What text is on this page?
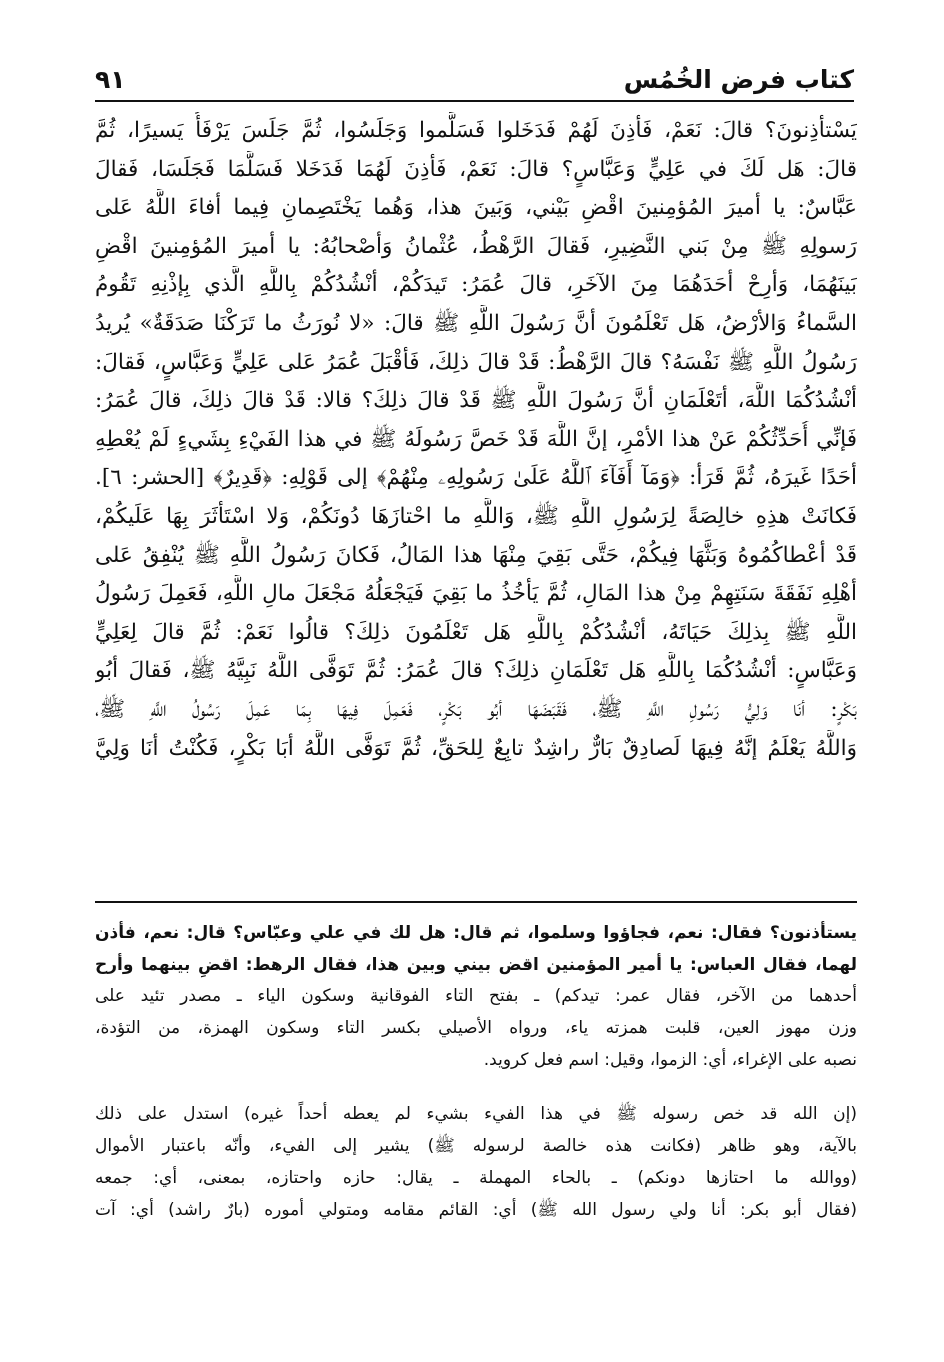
كتاب فرض الخُمُس
٩١
يَسْتأذِنونَ؟ قالَ: نَعَمْ، فَأذِنَ لَهُمْ فَدَخَلوا فَسَلَّموا وَجَلَسُوا، ثُمَّ جَلَسَ يَرْفَأُ يَسيرًا، ثُمَّ
قالَ: هَل لَكَ في عَلِيٍّ وَعَبَّاسٍ؟ قالَ: نَعَمْ، فَأذِنَ لَهُمَا فَدَخَلا فَسَلَّمَا فَجَلَسَا، فَقالَ
عَبَّاسٌ: يا أميرَ المُؤمِنينَ اقْضِ بَيْني، وَبَينَ هذا، وَهُما يَخْتَصِمانِ فِيما أفاءَ اللَّهُ عَلى
رَسولِهِ ﷺ مِنْ بَني النَّضِيرِ، فَقالَ الرَّهْطُ، عُثْمانُ وَأصْحابُهُ: يا أميرَ المُؤمِنينَ اقْضِ
بَينَهُمَا، وَأرِحْ أحَدَهُمَا مِنَ الآخَرِ، قالَ عُمَرُ: تَيدَكُمْ، أنْشُدُكُمْ بِاللَّهِ الَّذي بِإذْنِهِ تَقُومُ
السَّماءُ وَالأرْضُ، هَل تَعْلَمُونَ أنَّ رَسُولَ اللَّهِ ﷺ قالَ: «لا نُورَثُ ما تَرَكْنَا صَدَقَةٌ» يُريدُ
رَسُولُ اللَّهِ ﷺ نَفْسَهُ؟ قالَ الرَّهْطُ: قَدْ قالَ ذلِكَ، فَأقْبَلَ عُمَرُ عَلى عَلِيٍّ وَعَبَّاسٍ، فَقالَ:
أنْشُدُكُمَا اللَّهَ، أتَعْلَمَانِ أنَّ رَسُولَ اللَّهِ ﷺ قَدْ قالَ ذلِكَ؟ قالا: قَدْ قالَ ذلِكَ، قالَ عُمَرُ:
فَإنِّي أُحَدِّثُكُمْ عَنْ هذا الأمْرِ، إنَّ اللَّهَ قَدْ خَصَّ رَسُولَهُ ﷺ في هذا الفَيْءِ بِشَيءٍ لَمْ يُعْطِهِ
أحَدًا غَيرَهُ، ثُمَّ قَرَأ: ﴿وَمَآ أَفَآءَ ٱللَّهُ عَلَىٰ رَسُولِهِۦ مِنْهُمْ﴾ إلى قَوْلِهِ: ﴿قَدِيرٌ﴾ [الحشر: ٦].
فَكانَتْ هذِهِ خالِصَةً لِرَسُولِ اللَّهِ ﷺ، وَاللَّهِ ما احْتازَهَا دُونَكُمْ، وَلا اسْتَأثَرَ بِهَا عَلَيكُمْ،
قَدْ أعْطاكُمُوهُ وَبَثَّهَا فِيكُمْ، حَتَّى بَقِيَ مِنْهَا هذا المَالُ، فَكانَ رَسُولُ اللَّهِ ﷺ يُنْفِقُ عَلى
أهْلِهِ نَفَقَةَ سَنَتِهِمْ مِنْ هذا المَالِ، ثُمَّ يَأخُذُ ما بَقِيَ فَيَجْعَلُهُ مَجْعَلَ مالِ اللَّهِ، فَعَمِلَ رَسُولُ
اللَّهِ ﷺ بِذلِكَ حَيَاتَهُ، أنْشُدُكُمْ بِاللَّهِ هَل تَعْلَمُونَ ذلِكَ؟ قالُوا نَعَمْ: ثُمَّ قالَ لِعَلِيٍّ
وَعَبَّاسٍ: أنْشُدُكُمَا بِاللَّهِ هَل تَعْلَمَانِ ذلِكَ؟ قالَ عُمَرُ: ثُمَّ تَوَفَّى اللَّهُ نَبِيَّهُ ﷺ، فَقالَ أبُو
بَكْرٍ: أنَا وَلِيُّ رَسُولِ اللَّهِ ﷺ، فَقَبَضَهَا أبُو بَكْرٍ، فَعَمِلَ فِيهَا بِمَا عَمِلَ رَسُولُ اللَّهِ ﷺ،
وَاللَّهُ يَعْلَمُ إنَّهُ فِيهَا لَصادِقٌ بَارٌّ راشِدٌ تابِعٌ لِلحَقِّ، ثُمَّ تَوَفَّى اللَّهُ أبَا بَكْرٍ، فَكُنْتُ أنَا وَلِيَّ
يستأذنون؟ فقال: نعم، فجاؤوا وسلموا، ثم قال: هل لك في علي وعبّاس؟ قال: نعم، فأذن
لهما، فقال العباس: يا أمير المؤمنين اقض بيني وبين هذا، فقال الرهط: اقضِ بينهما وأرح
أحدهما من الآخر، فقال عمر: تيدكم) ـ بفتح التاء الفوقانية وسكون الياء ـ مصدر تئيد على
وزن مهوز العين، قلبت همزته ياء، ورواه الأصيلي بكسر التاء وسكون الهمزة، من التؤدة،
نصبه على الإغراء، أي: الزموا، وقيل: اسم فعل كرويد.
(إن الله قد خص رسوله ﷺ في هذا الفيء بشيء لم يعطه أحداً غيره) استدل على ذلك
بالآية، وهو ظاهر (فكانت هذه خالصة لرسوله ﷺ) يشير إلى الفيء، وأنّه باعتبار الأموال
(ووالله ما احتازها دونكم) ـ بالحاء المهملة ـ يقال: حازه واحتازه، بمعنى، أي: جمعه
(فقال أبو بكر: أنا ولي رسول الله ﷺ) أي: القائم مقامه ومتولي أموره (بارٌ راشد) أي: آت
